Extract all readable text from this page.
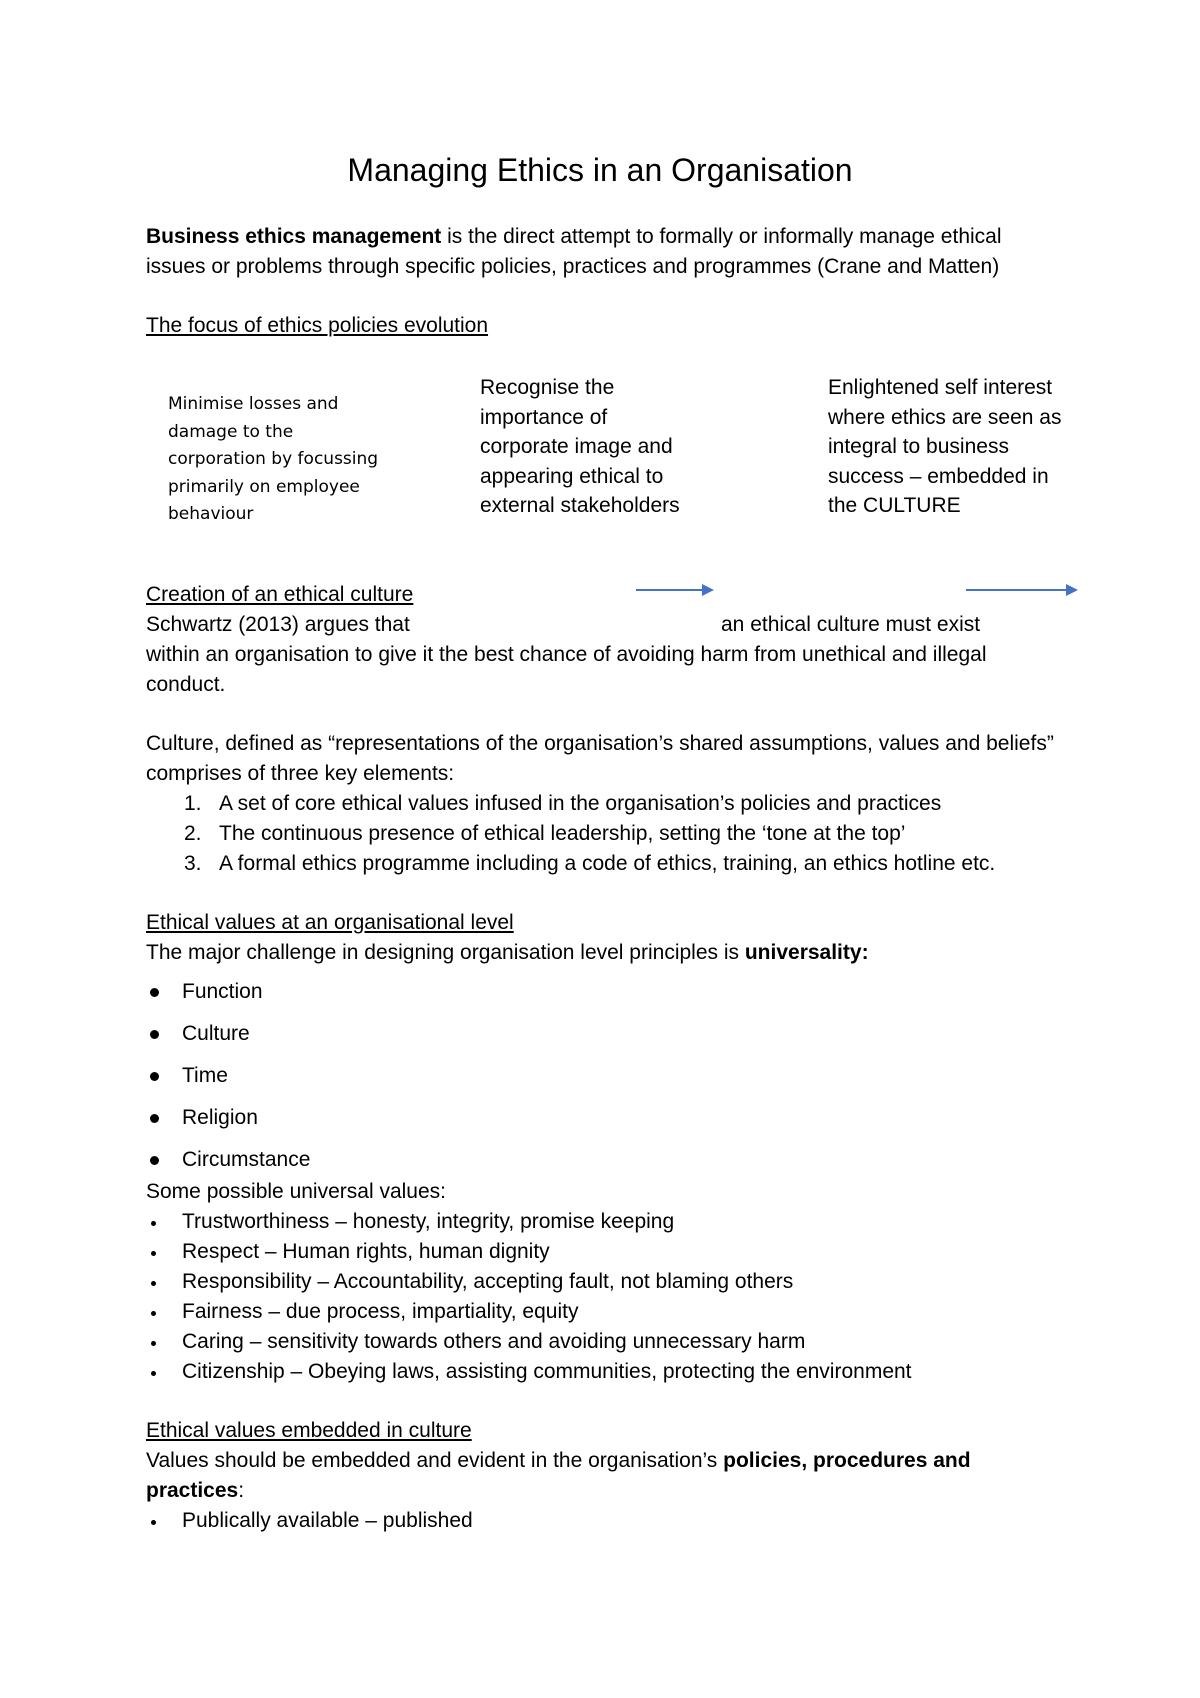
Managing Ethics in an Organisation
Business ethics management is the direct attempt to formally or informally manage ethical issues or problems through specific policies, practices and programmes (Crane and Matten)
The focus of ethics policies evolution
Minimise losses and damage to the corporation by focussing primarily on employee behaviour
Recognise the importance of corporate image and appearing ethical to external stakeholders
Enlightened self interest where ethics are seen as integral to business success – embedded in the CULTURE
Creation of an ethical culture
Schwartz (2013) argues that	an ethical culture must exist
within an organisation to give it the best chance of avoiding harm from unethical and illegal conduct.
Culture, defined as “representations of the organisation’s shared assumptions, values and beliefs” comprises of three key elements:
1. A set of core ethical values infused in the organisation’s policies and practices
2. The continuous presence of ethical leadership, setting the ‘tone at the top’
3. A formal ethics programme including a code of ethics, training, an ethics hotline etc.
Ethical values at an organisational level
The major challenge in designing organisation level principles is universality:
Function
Culture
Time
Religion
Circumstance
Some possible universal values:
Trustworthiness – honesty, integrity, promise keeping
Respect – Human rights, human dignity
Responsibility – Accountability, accepting fault, not blaming others
Fairness – due process, impartiality, equity
Caring – sensitivity towards others and avoiding unnecessary harm
Citizenship – Obeying laws, assisting communities, protecting the environment
Ethical values embedded in culture
Values should be embedded and evident in the organisation’s policies, procedures and practices:
Publically available – published
